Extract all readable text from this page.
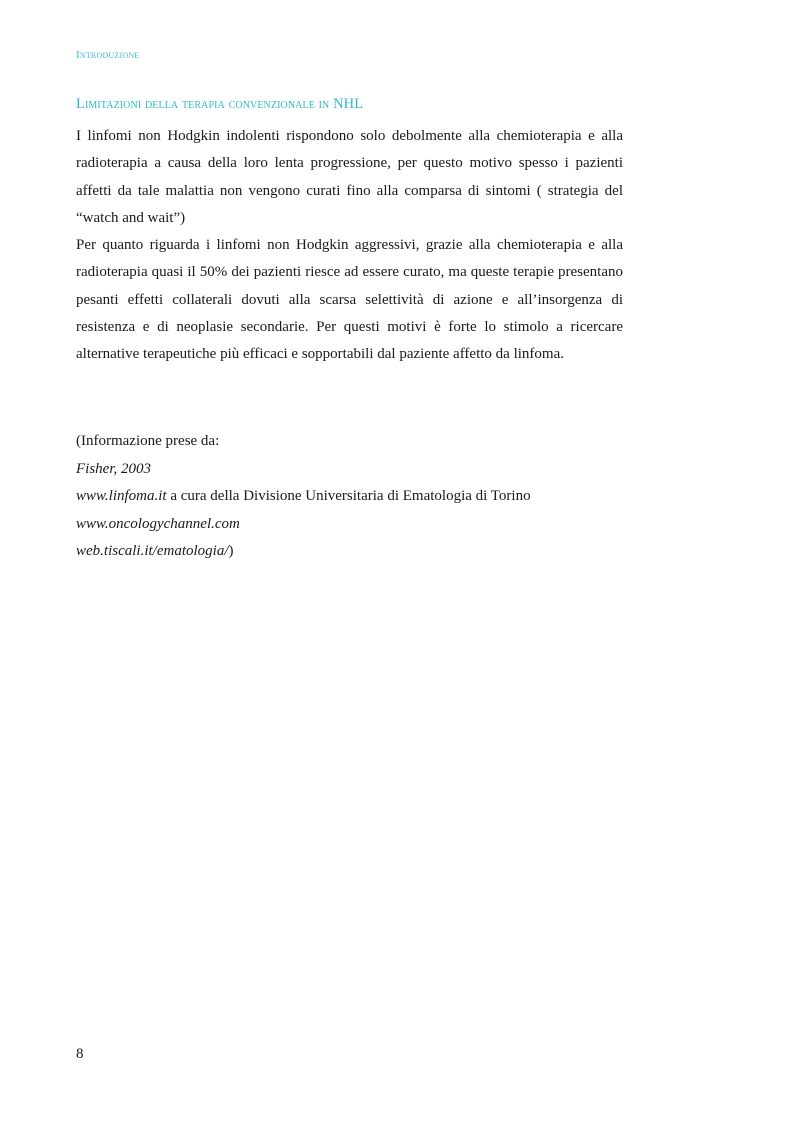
Introduzione
Limitazioni della terapia convenzionale in NHL

I linfomi non Hodgkin indolenti rispondono solo debolmente alla chemioterapia e alla radioterapia a causa della loro lenta progressione, per questo motivo spesso i pazienti affetti da tale malattia non vengono curati fino alla comparsa di sintomi ( strategia del “watch and wait”)

Per quanto riguarda i linfomi non Hodgkin aggressivi, grazie alla chemioterapia e alla radioterapia quasi il 50% dei pazienti riesce ad essere curato, ma queste terapie presentano pesanti effetti collaterali dovuti alla scarsa selettività di azione e all’insorgenza di resistenza e di neoplasie secondarie. Per questi motivi è forte lo stimolo a ricercare alternative terapeutiche più efficaci e sopportabili dal paziente affetto da linfoma.

(Informazione prese da:
Fisher, 2003
www.linfoma.it a cura della Divisione Universitaria di Ematologia di Torino
www.oncologychannel.com
web.tiscali.it/ematologia/)
8
